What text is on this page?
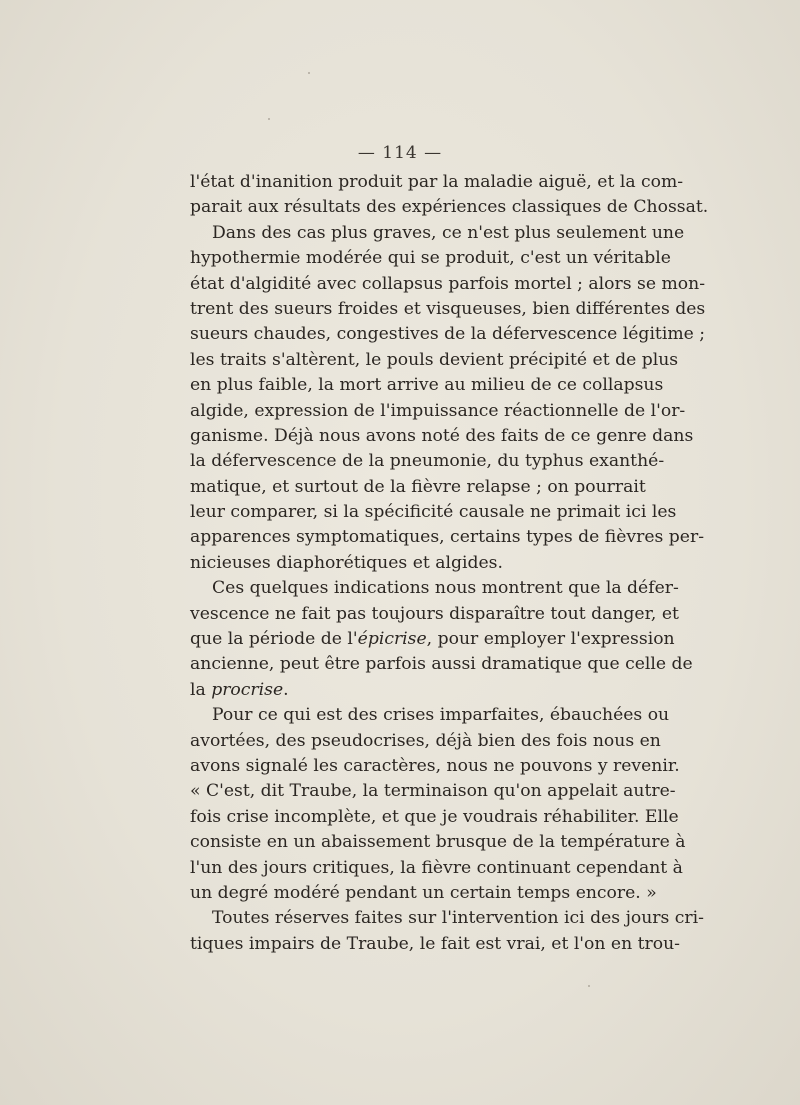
— 114 —
l'état d'inanition produit par la maladie aiguë, et la com-
parait aux résultats des expériences classiques de Chossat.
Dans des cas plus graves, ce n'est plus seulement une
hypothermie modérée qui se produit, c'est un véritable
état d'algidité avec collapsus parfois mortel ; alors se mon-
trent des sueurs froides et visqueuses, bien différentes des
sueurs chaudes, congestives de la défervescence légitime ;
les traits s'altèrent, le pouls devient précipité et de plus
en plus faible, la mort arrive au milieu de ce collapsus
algide, expression de l'impuissance réactionnelle de l'or-
ganisme. Déjà nous avons noté des faits de ce genre dans
la défervescence de la pneumonie, du typhus exanthé-
matique, et surtout de la fièvre relapse ; on pourrait
leur comparer, si la spécificité causale ne primait ici les
apparences symptomatiques, certains types de fièvres per-
nicieuses diaphorétiques et algides.
Ces quelques indications nous montrent que la défer-
vescence ne fait pas toujours disparaître tout danger, et
que la période de l'épicrise, pour employer l'expression
ancienne, peut être parfois aussi dramatique que celle de
la procrise.
Pour ce qui est des crises imparfaites, ébauchées ou
avortées, des pseudocrises, déjà bien des fois nous en
avons signalé les caractères, nous ne pouvons y revenir.
« C'est, dit Traube, la terminaison qu'on appelait autre-
fois crise incomplète, et que je voudrais réhabiliter. Elle
consiste en un abaissement brusque de la température à
l'un des jours critiques, la fièvre continuant cependant à
un degré modéré pendant un certain temps encore. »
Toutes réserves faites sur l'intervention ici des jours cri-
tiques impairs de Traube, le fait est vrai, et l'on en trou-
